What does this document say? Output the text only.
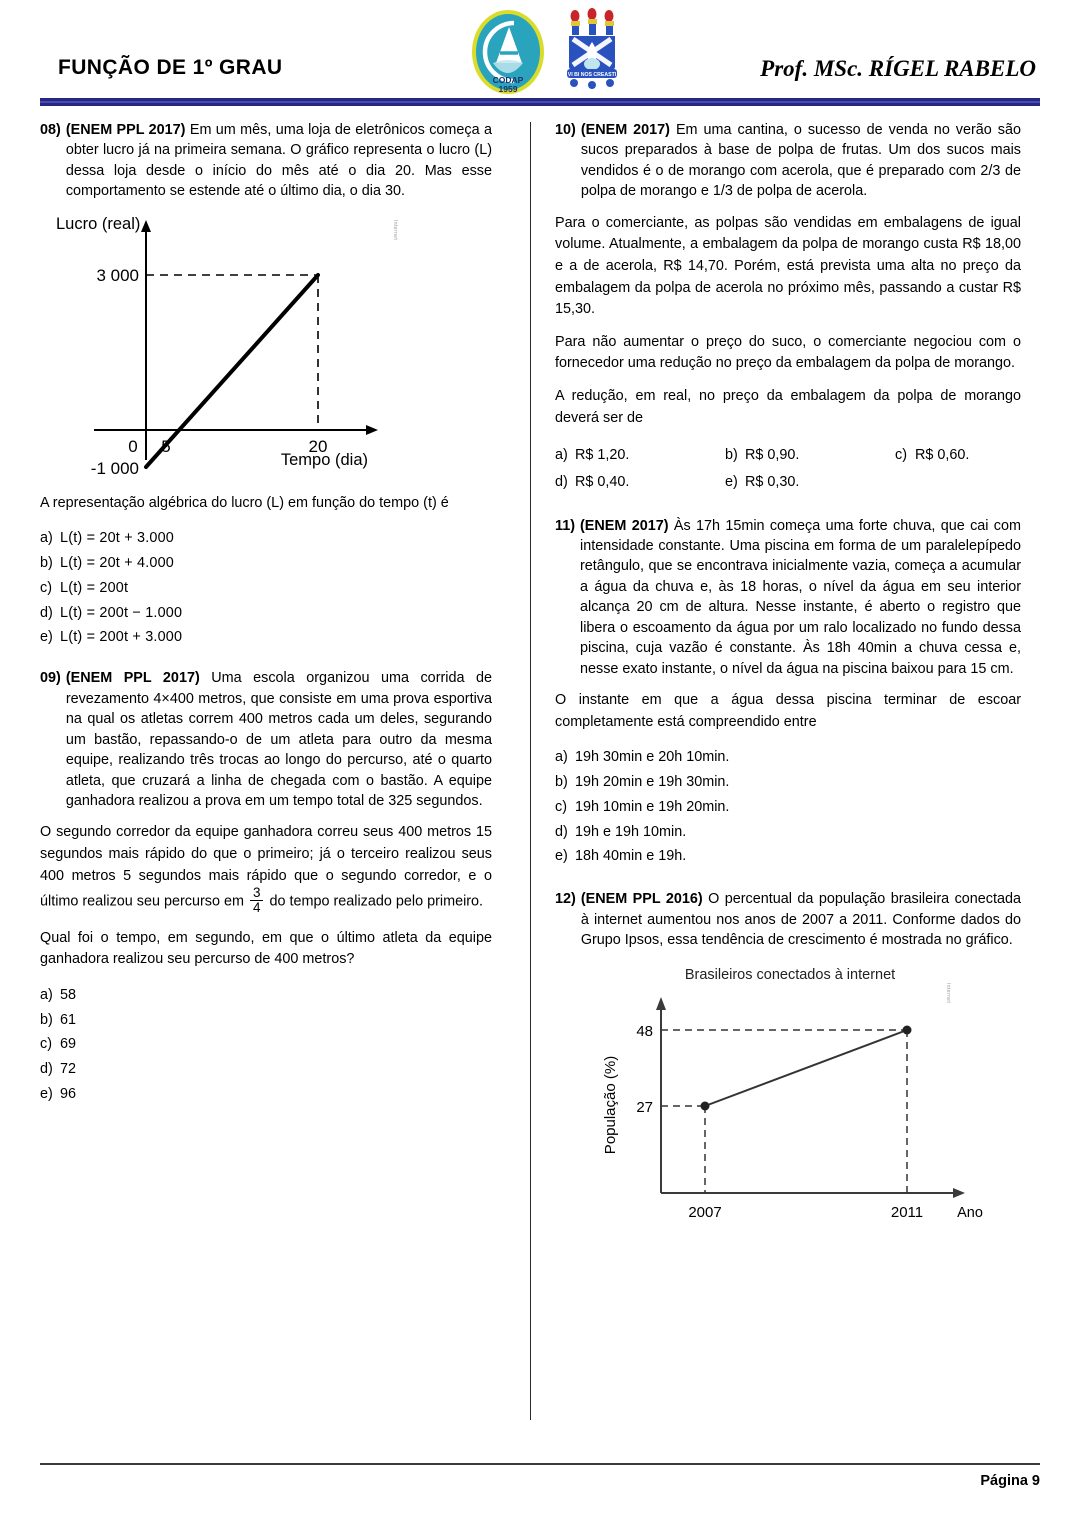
CODAP
1959
VI BI NOS CREASTI
FUNÇÃO DE 1º GRAU	Prof. MSc. RÍGEL RABELO
08) (ENEM PPL 2017) Em um mês, uma loja de eletrônicos começa a obter lucro já na primeira semana. O gráfico representa o lucro (L) dessa loja desde o início do mês até o dia 20. Mas esse comportamento se estende até o último dia, o dia 30.
3 000
-1 000
0 5	20
Lucro (real)
Tempo (dia)
Internet
A representação algébrica do lucro (L) em função do tempo (t) é
a) L(t) = 20t + 3.000
b) L(t) = 20t + 4.000
c) L(t) = 200t
d) L(t) = 200t − 1.000
e) L(t) = 200t + 3.000
09) (ENEM PPL 2017) Uma escola organizou uma corrida de revezamento 4×400 metros, que consiste em uma prova esportiva na qual os atletas correm 400 metros cada um deles, segurando um bastão, repassando-o de um atleta para outro da mesma equipe, realizando três trocas ao longo do percurso, até o quarto atleta, que cruzará a linha de chegada com o bastão. A equipe ganhadora realizou a prova em um tempo total de 325 segundos.
O segundo corredor da equipe ganhadora correu seus 400 metros 15 segundos mais rápido do que o primeiro; já o terceiro realizou seus 400 metros 5 segundos mais rápido que o segundo corredor, e o último realizou seu percurso em $\frac{3}{4}$ do tempo realizado pelo primeiro.
Qual foi o tempo, em segundo, em que o último atleta da equipe ganhadora realizou seu percurso de 400 metros?
a) 58
b) 61
c) 69
d) 72
e) 96
10) (ENEM 2017) Em uma cantina, o sucesso de venda no verão são sucos preparados à base de polpa de frutas. Um dos sucos mais vendidos é o de morango com acerola, que é preparado com 2/3 de polpa de morango e 1/3 de polpa de acerola.
Para o comerciante, as polpas são vendidas em embalagens de igual volume. Atualmente, a embalagem da polpa de morango custa R$ 18,00 e a de acerola, R$ 14,70. Porém, está prevista uma alta no preço da embalagem da polpa de acerola no próximo mês, passando a custar R$ 15,30.
Para não aumentar o preço do suco, o comerciante negociou com o fornecedor uma redução no preço da embalagem da polpa de morango.
A redução, em real, no preço da embalagem da polpa de morango deverá ser de
a) R$ 1,20.	b) R$ 0,90.	c) R$ 0,60.
d) R$ 0,40.	e) R$ 0,30.
11) (ENEM 2017) Às 17h 15min começa uma forte chuva, que cai com intensidade constante. Uma piscina em forma de um paralelepípedo retângulo, que se encontrava inicialmente vazia, começa a acumular a água da chuva e, às 18 horas, o nível da água em seu interior alcança 20 cm de altura. Nesse instante, é aberto o registro que libera o escoamento da água por um ralo localizado no fundo dessa piscina, cuja vazão é constante. Às 18h 40min a chuva cessa e, nesse exato instante, o nível da água na piscina baixou para 15 cm.
O instante em que a água dessa piscina terminar de escoar completamente está compreendido entre
a) 19h 30min e 20h 10min.
b) 19h 20min e 19h 30min.
c) 19h 10min e 19h 20min.
d) 19h e 19h 10min.
e) 18h 40min e 19h.
12) (ENEM PPL 2016) O percentual da população brasileira conectada à internet aumentou nos anos de 2007 a 2011. Conforme dados do Grupo Ipsos, essa tendência de crescimento é mostrada no gráfico.
Brasileiros conectados à internet
48
27
2007	2011 Ano
População (%)
Internet
Página 9
